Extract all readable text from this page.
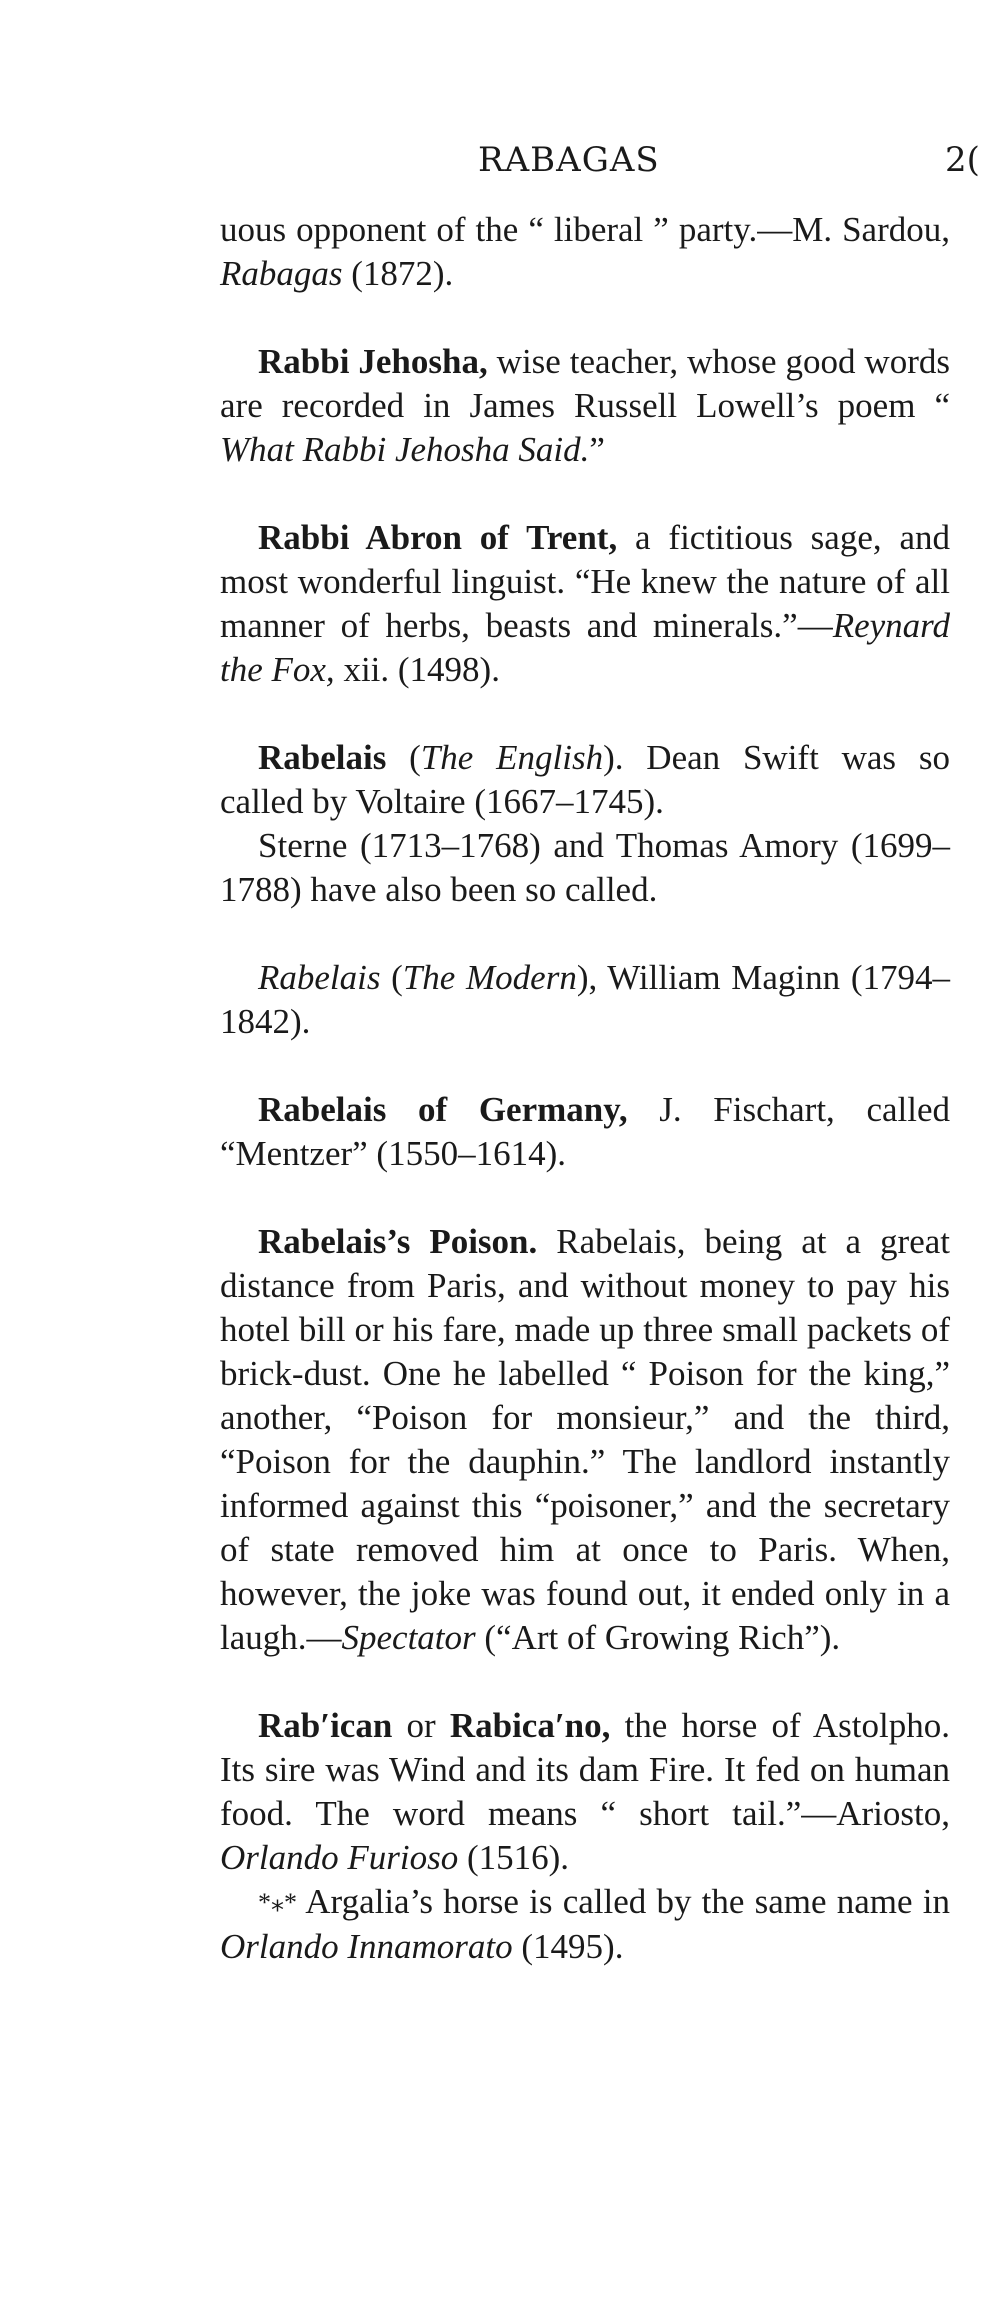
RABAGAS	2(

uous opponent of the “ liberal ” party.—M. Sardou, Rabagas (1872).

Rabbi Jehosha, wise teacher, whose good words are recorded in James Russell Lowell’s poem “ What Rabbi Jehosha Said.”

Rabbi Abron of Trent, a fictitious sage, and most wonderful linguist. “He knew the nature of all manner of herbs, beasts and minerals.”—Reynard the Fox, xii. (1498).

Rabelais (The English). Dean Swift was so called by Voltaire (1667–1745).

Sterne (1713–1768) and Thomas Amory (1699–1788) have also been so called.

Rabelais (The Modern), William Maginn (1794–1842).

Rabelais of Germany, J. Fischart, called “Mentzer” (1550–1614).

Rabelais’s Poison. Rabelais, being at a great distance from Paris, and without money to pay his hotel bill or his fare, made up three small packets of brick-dust. One he labelled “ Poison for the king,” another, “Poison for monsieur,” and the third, “Poison for the dauphin.” The landlord instantly informed against this “poisoner,” and the secretary of state removed him at once to Paris. When, however, the joke was found out, it ended only in a laugh.—Spectator (“Art of Growing Rich”).

Rab′ican or Rabica′no, the horse of Astolpho. Its sire was Wind and its dam Fire. It fed on human food. The word means “ short tail.”—Ariosto, Orlando Furioso (1516).

*⁎* Argalia’s horse is called by the same name in Orlando Innamorato (1495).
